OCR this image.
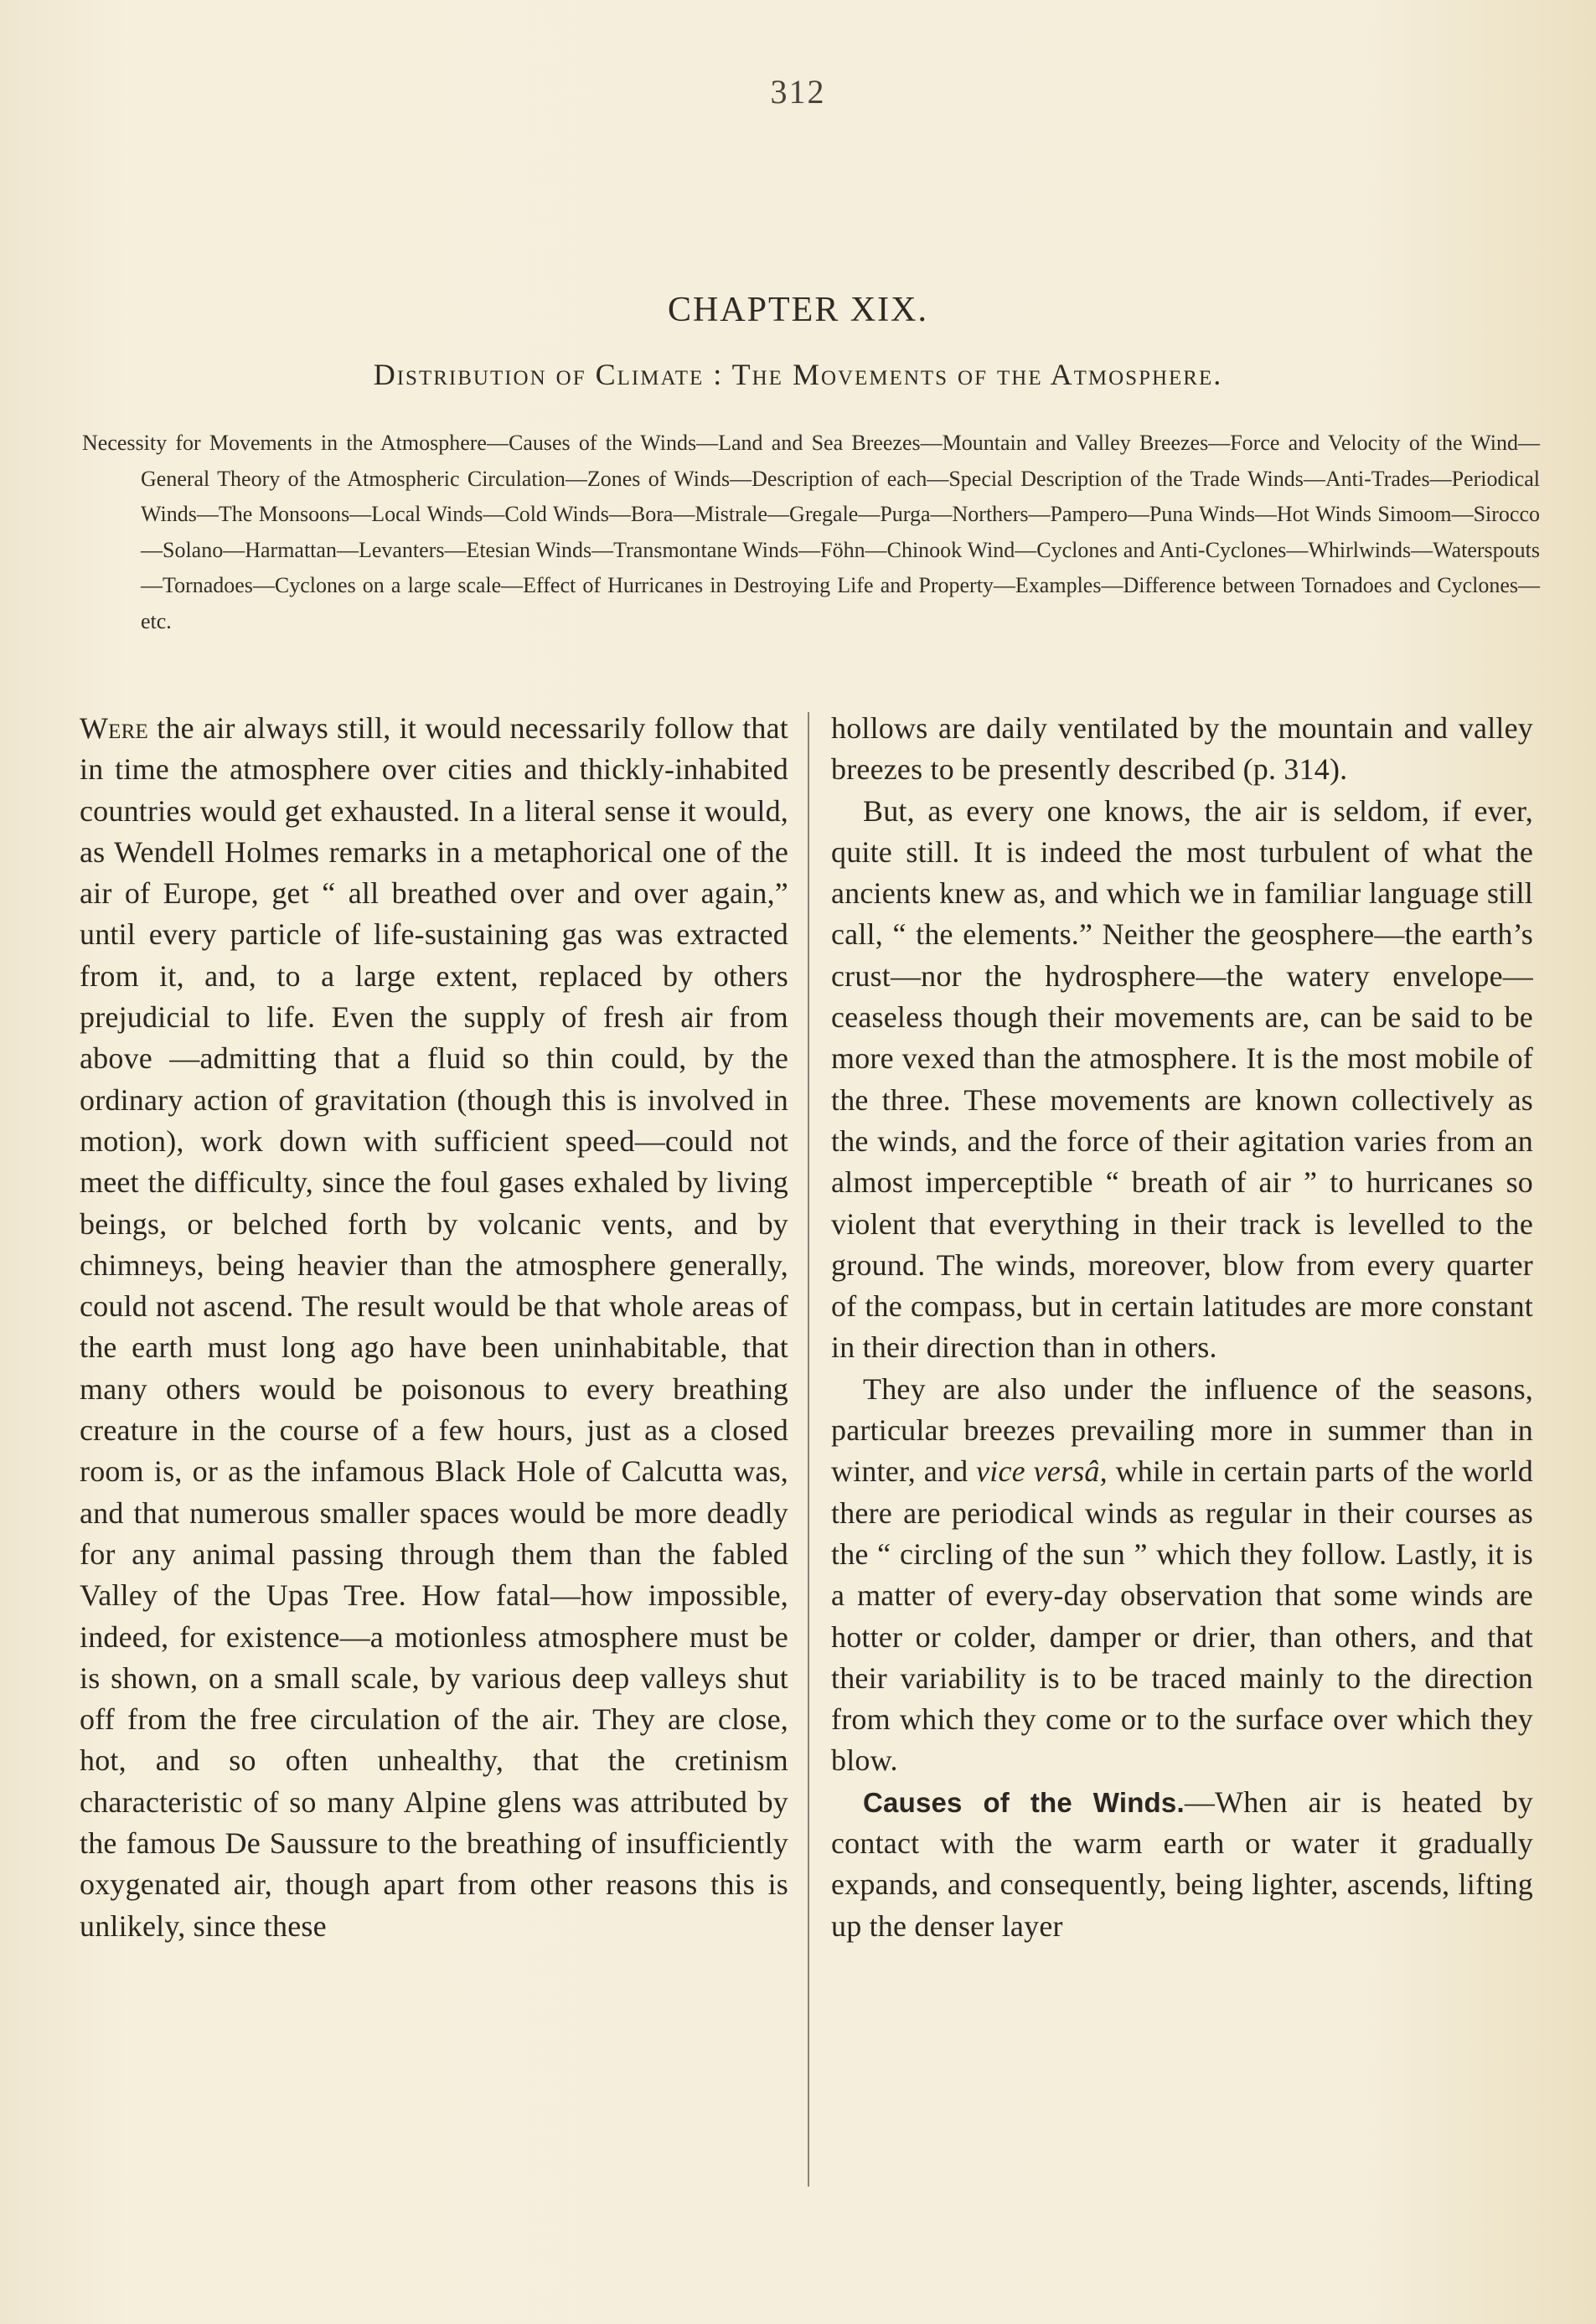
312
CHAPTER XIX.
Distribution of Climate : The Movements of the Atmosphere.
Necessity for Movements in the Atmosphere—Causes of the Winds—Land and Sea Breezes—Mountain and Valley Breezes—Force and Velocity of the Wind—General Theory of the Atmospheric Circulation—Zones of Winds—Description of each—Special Description of the Trade Winds—Anti-Trades—Periodical Winds—The Monsoons—Local Winds—Cold Winds—Bora—Mistrale—Gregale—Purga—Northers—Pampero—Puna Winds—Hot Winds Simoom—Sirocco—Solano—Harmattan—Levanters—Etesian Winds—Transmontane Winds—Föhn—Chinook Wind—Cyclones and Anti-Cyclones—Whirlwinds—Waterspouts—Tornadoes—Cyclones on a large scale—Effect of Hurricanes in Destroying Life and Property—Examples—Difference between Tornadoes and Cyclones—etc.

Were the air always still, it would necessarily follow that in time the atmosphere over cities and thickly-inhabited countries would get exhausted. In a literal sense it would, as Wendell Holmes remarks in a metaphorical one of the air of Europe, get “ all breathed over and over again,” until every particle of life-sustaining gas was extracted from it, and, to a large extent, replaced by others prejudicial to life. Even the supply of fresh air from above —admitting that a fluid so thin could, by the ordinary action of gravitation (though this is involved in motion), work down with sufficient speed—could not meet the difficulty, since the foul gases exhaled by living beings, or belched forth by volcanic vents, and by chimneys, being heavier than the atmosphere generally, could not ascend. The result would be that whole areas of the earth must long ago have been uninhabitable, that many others would be poisonous to every breathing creature in the course of a few hours, just as a closed room is, or as the infamous Black Hole of Calcutta was, and that numerous smaller spaces would be more deadly for any animal passing through them than the fabled Valley of the Upas Tree. How fatal—how impossible, indeed, for existence—a motionless atmosphere must be is shown, on a small scale, by various deep valleys shut off from the free circulation of the air. They are close, hot, and so often unhealthy, that the cretinism characteristic of so many Alpine glens was attributed by the famous De Saussure to the breathing of insufficiently oxygenated air, though apart from other reasons this is unlikely, since these

hollows are daily ventilated by the mountain and valley breezes to be presently described (p. 314).

But, as every one knows, the air is seldom, if ever, quite still. It is indeed the most turbulent of what the ancients knew as, and which we in familiar language still call, “ the elements.” Neither the geosphere—the earth’s crust—nor the hydrosphere—the watery envelope—ceaseless though their movements are, can be said to be more vexed than the atmosphere. It is the most mobile of the three. These movements are known collectively as the winds, and the force of their agitation varies from an almost imperceptible “ breath of air ” to hurricanes so violent that everything in their track is levelled to the ground. The winds, moreover, blow from every quarter of the compass, but in certain latitudes are more constant in their direction than in others.

They are also under the influence of the seasons, particular breezes prevailing more in summer than in winter, and vice versâ, while in certain parts of the world there are periodical winds as regular in their courses as the “ circling of the sun ” which they follow. Lastly, it is a matter of every-day observation that some winds are hotter or colder, damper or drier, than others, and that their variability is to be traced mainly to the direction from which they come or to the surface over which they blow.

Causes of the Winds.—When air is heated by contact with the warm earth or water it gradually expands, and consequently, being lighter, ascends, lifting up the denser layer
